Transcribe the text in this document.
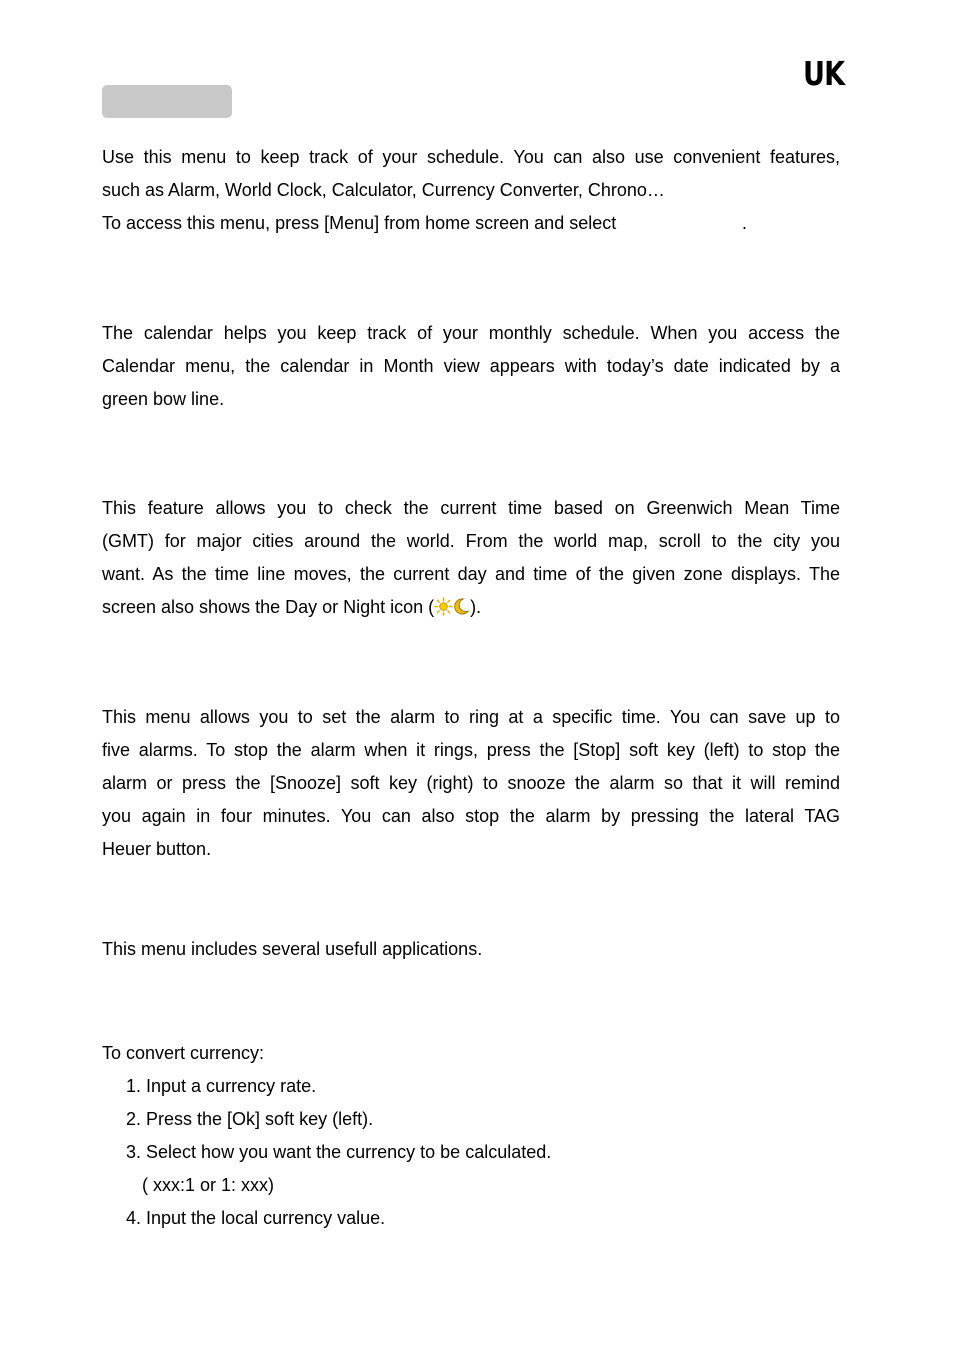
UK
Use this menu to keep track of your schedule. You can also use convenient features,
such as Alarm, World Clock, Calculator, Currency Converter, Chrono…
To access this menu, press [Menu] from home screen and select	.
The calendar helps you keep track of your monthly schedule. When you access the
Calendar menu, the calendar in Month view appears with today’s date indicated by a
green bow line.
This feature allows you to check the current time based on Greenwich Mean Time
(GMT) for major cities around the world. From the world map, scroll to the city you
want. As the time line moves, the current day and time of the given zone displays. The
screen also shows the Day or Night icon ( ).
This menu allows you to set the alarm to ring at a specific time. You can save up to
five alarms. To stop the alarm when it rings, press the [Stop] soft key (left) to stop the
alarm or press the [Snooze] soft key (right) to snooze the alarm so that it will remind
you again in four minutes. You can also stop the alarm by pressing the lateral TAG
Heuer button.
This menu includes several usefull applications.
To convert currency:
1. Input a currency rate.
2. Press the [Ok] soft key (left).
3. Select how you want the currency to be calculated.
( xxx:1 or 1: xxx)
4. Input the local currency value.
